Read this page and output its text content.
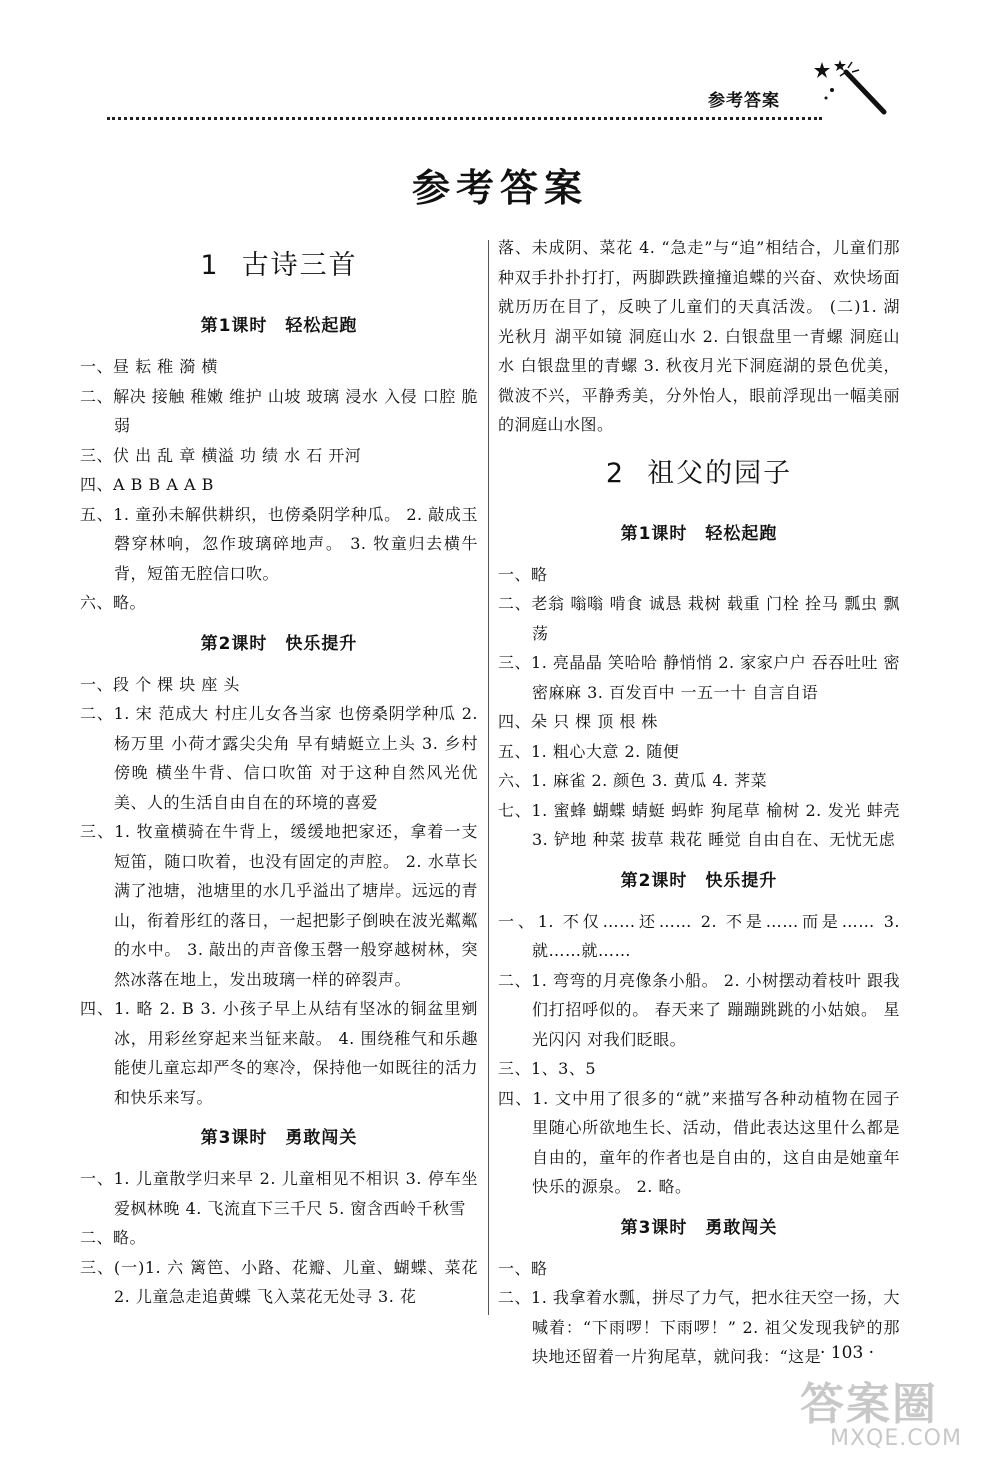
参考答案
参考答案
1 古诗三首
第1课时 轻松起跑
一、昼 耘 稚 漪 横
二、解决 接触 稚嫩 维护 山坡 玻璃 浸水 入侵 口腔 脆弱
三、伏 出 乱 章 横溢 功 绩 水 石 开河
四、A B B A A B
五、1. 童孙未解供耕织，也傍桑阴学种瓜。 2. 敲成玉磬穿林响，忽作玻璃碎地声。 3. 牧童归去横牛背，短笛无腔信口吹。
六、略。
第2课时 快乐提升
一、段 个 棵 块 座 头
二、1. 宋 范成大 村庄儿女各当家 也傍桑阴学种瓜 2. 杨万里 小荷才露尖尖角 早有蜻蜓立上头 3. 乡村傍晚 横坐牛背、信口吹笛 对于这种自然风光优美、人的生活自由自在的环境的喜爱
三、1. 牧童横骑在牛背上，缓缓地把家还，拿着一支短笛，随口吹着，也没有固定的声腔。 2. 水草长满了池塘，池塘里的水几乎溢出了塘岸。远远的青山，衔着彤红的落日，一起把影子倒映在波光粼粼的水中。 3. 敲出的声音像玉磬一般穿越树林，突然冰落在地上，发出玻璃一样的碎裂声。
四、1. 略 2. B 3. 小孩子早上从结有坚冰的铜盆里剜冰，用彩丝穿起来当钲来敲。 4. 围绕稚气和乐趣能使儿童忘却严冬的寒冷，保持他一如既往的活力和快乐来写。
第3课时 勇敢闯关
一、1. 儿童散学归来早 2. 儿童相见不相识 3. 停车坐爱枫林晚 4. 飞流直下三千尺 5. 窗含西岭千秋雪
二、略。
三、(一)1. 六 篱笆、小路、花瓣、儿童、蝴蝶、菜花 2. 儿童急走追黄蝶 飞入菜花无处寻 3. 花
落、未成阴、菜花 4. “急走”与“追”相结合，儿童们那种双手扑扑打打，两脚跌跌撞撞追蝶的兴奋、欢快场面就历历在目了，反映了儿童们的天真活泼。 (二)1. 湖光秋月 湖平如镜 洞庭山水 2. 白银盘里一青螺 洞庭山水 白银盘里的青螺 3. 秋夜月光下洞庭湖的景色优美，微波不兴，平静秀美，分外怡人，眼前浮现出一幅美丽的洞庭山水图。
2 祖父的园子
第1课时 轻松起跑
一、略
二、老翁 嗡嗡 啃食 诚恳 栽树 载重 门栓 拴马 瓢虫 飘荡
三、1. 亮晶晶 笑哈哈 静悄悄 2. 家家户户 吞吞吐吐 密密麻麻 3. 百发百中 一五一十 自言自语
四、朵 只 棵 顶 根 株
五、1. 粗心大意 2. 随便
六、1. 麻雀 2. 颜色 3. 黄瓜 4. 荠菜
七、1. 蜜蜂 蝴蝶 蜻蜓 蚂蚱 狗尾草 榆树 2. 发光 蚌壳 3. 铲地 种菜 拔草 栽花 睡觉 自由自在、无忧无虑
第2课时 快乐提升
一、1. 不仅……还…… 2. 不是……而是…… 3. 就……就……
二、1. 弯弯的月亮像条小船。 2. 小树摆动着枝叶 跟我们打招呼似的。 春天来了 蹦蹦跳跳的小姑娘。 星光闪闪 对我们眨眼。
三、1、3、5
四、1. 文中用了很多的“就”来描写各种动植物在园子里随心所欲地生长、活动，借此表达这里什么都是自由的，童年的作者也是自由的，这自由是她童年快乐的源泉。 2. 略。
第3课时 勇敢闯关
一、略
二、1. 我拿着水瓢，拼尽了力气，把水往天空一扬，大喊着：“下雨啰！下雨啰！” 2. 祖父发现我铲的那块地还留着一片狗尾草，就问我：“这是
· 103 ·
答案圈
MXQE.COM
